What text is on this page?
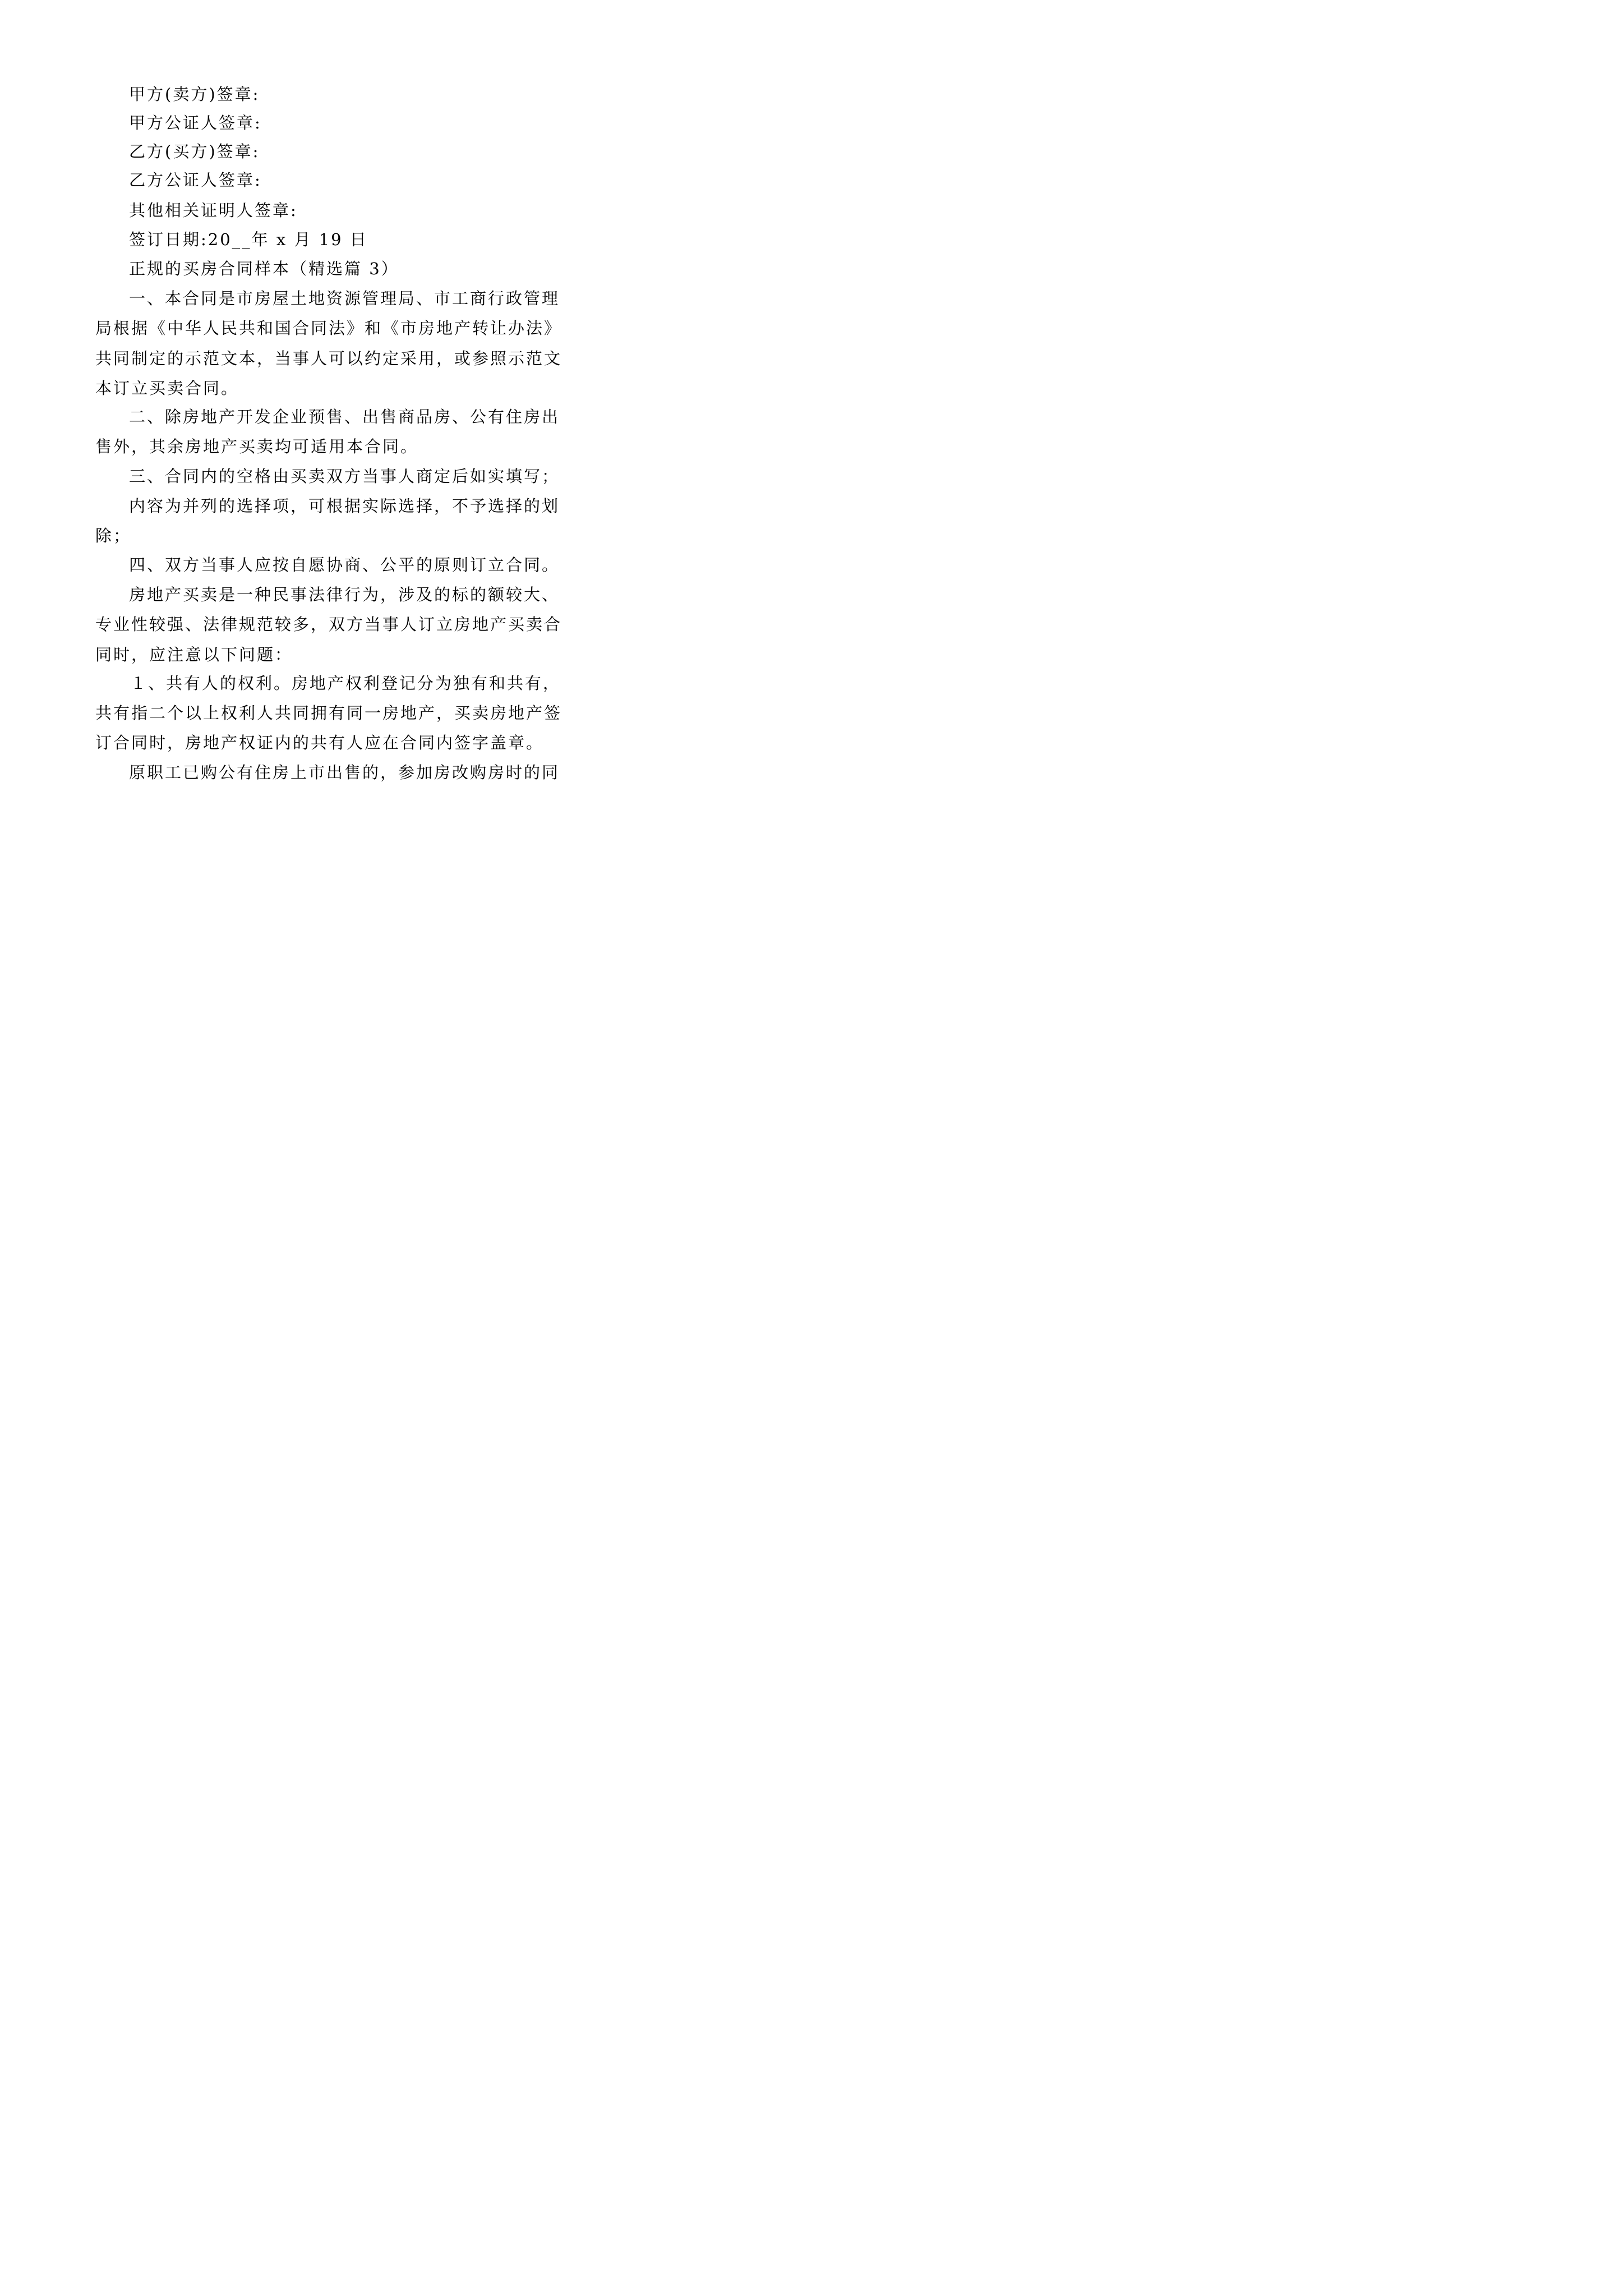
甲方(卖方)签章:
甲方公证人签章:
乙方(买方)签章:
乙方公证人签章:
其他相关证明人签章:
签订日期:20__年 x 月 19 日
正规的买房合同样本（精选篇 3）
一、本合同是市房屋土地资源管理局、市工商行政管理
局根据《中华人民共和国合同法》和《市房地产转让办法》
共同制定的示范文本，当事人可以约定采用，或参照示范文
本订立买卖合同。
二、除房地产开发企业预售、出售商品房、公有住房出
售外，其余房地产买卖均可适用本合同。
三、合同内的空格由买卖双方当事人商定后如实填写；
内容为并列的选择项，可根据实际选择，不予选择的划
除；
四、双方当事人应按自愿协商、公平的原则订立合同。
房地产买卖是一种民事法律行为，涉及的标的额较大、
专业性较强、法律规范较多，双方当事人订立房地产买卖合
同时，应注意以下问题：
１、共有人的权利。房地产权利登记分为独有和共有，
共有指二个以上权利人共同拥有同一房地产，买卖房地产签
订合同时，房地产权证内的共有人应在合同内签字盖章。
原职工已购公有住房上市出售的，参加房改购房时的同
